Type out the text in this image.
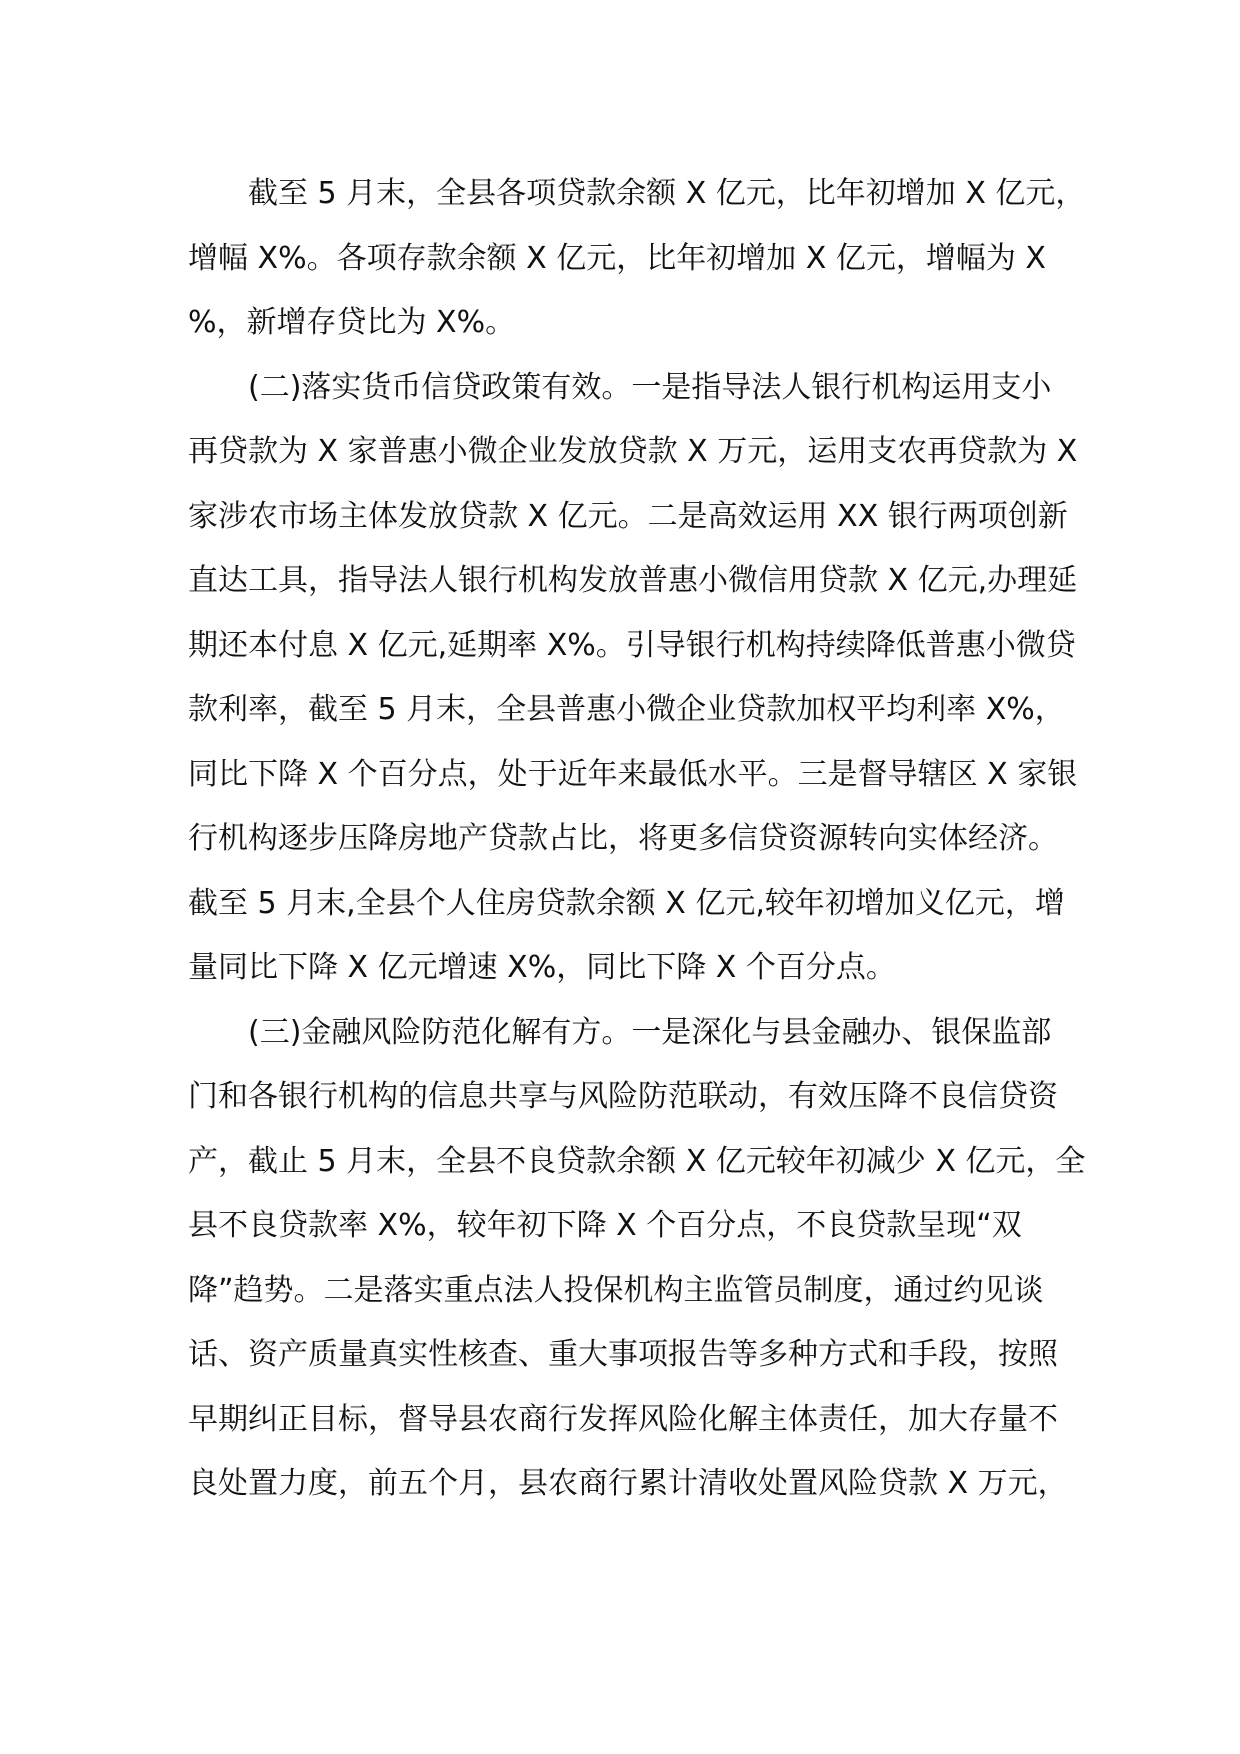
截至 5 月末，全县各项贷款余额 X 亿元，比年初增加 X 亿元，
增幅 X%。各项存款余额 X 亿元，比年初增加 X 亿元，增幅为 X
%，新增存贷比为 X%。
(二)落实货币信贷政策有效。一是指导法人银行机构运用支小
再贷款为 X 家普惠小微企业发放贷款 X 万元，运用支农再贷款为 X
家涉农市场主体发放贷款 X 亿元。二是高效运用 XX 银行两项创新
直达工具，指导法人银行机构发放普惠小微信用贷款 X 亿元,办理延
期还本付息 X 亿元,延期率 X%。引导银行机构持续降低普惠小微贷
款利率，截至 5 月末，全县普惠小微企业贷款加权平均利率 X%，
同比下降 X 个百分点，处于近年来最低水平。三是督导辖区 X 家银
行机构逐步压降房地产贷款占比，将更多信贷资源转向实体经济。
截至 5 月末,全县个人住房贷款余额 X 亿元,较年初增加义亿元，增
量同比下降 X 亿元增速 X%，同比下降 X 个百分点。
(三)金融风险防范化解有方。一是深化与县金融办、银保监部
门和各银行机构的信息共享与风险防范联动，有效压降不良信贷资
产，截止 5 月末，全县不良贷款余额 X 亿元较年初减少 X 亿元，全
县不良贷款率 X%，较年初下降 X 个百分点，不良贷款呈现“双
降”趋势。二是落实重点法人投保机构主监管员制度，通过约见谈
话、资产质量真实性核查、重大事项报告等多种方式和手段，按照
早期纠正目标，督导县农商行发挥风险化解主体责任，加大存量不
良处置力度，前五个月，县农商行累计清收处置风险贷款 X 万元，
